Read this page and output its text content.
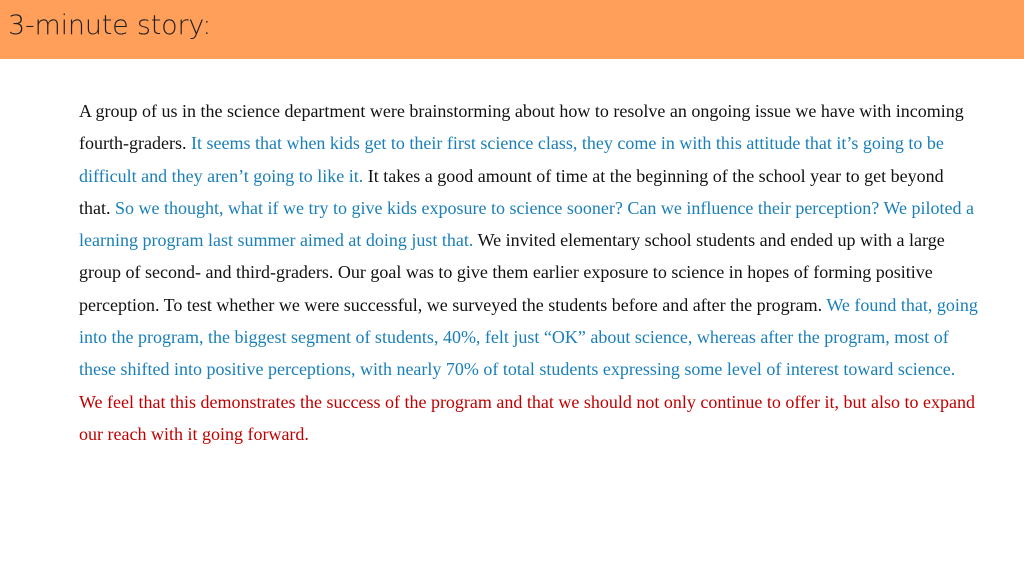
3-minute story:

A group of us in the science department were brainstorming about how to resolve an ongoing issue we have with incoming fourth-graders. It seems that when kids get to their first science class, they come in with this attitude that it’s going to be difficult and they aren’t going to like it. It takes a good amount of time at the beginning of the school year to get beyond that. So we thought, what if we try to give kids exposure to science sooner? Can we influence their perception? We piloted a learning program last summer aimed at doing just that. We invited elementary school students and ended up with a large group of second- and third-graders. Our goal was to give them earlier exposure to science in hopes of forming positive perception. To test whether we were successful, we surveyed the students before and after the program. We found that, going into the program, the biggest segment of students, 40%, felt just “OK” about science, whereas after the program, most of these shifted into positive perceptions, with nearly 70% of total students expressing some level of interest toward science. We feel that this demonstrates the success of the program and that we should not only continue to offer it, but also to expand our reach with it going forward.
